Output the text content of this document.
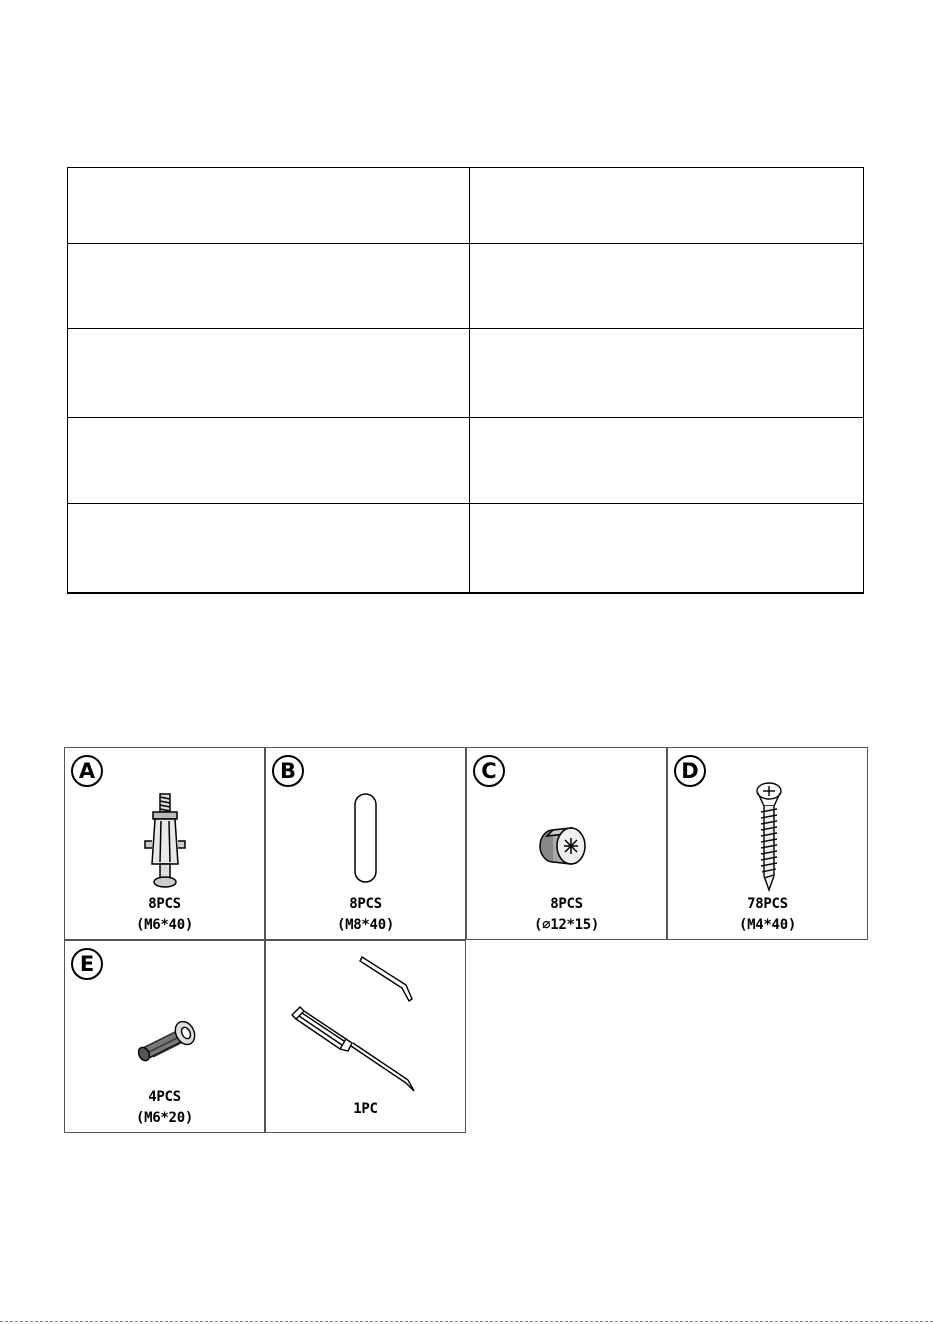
A
8PCS
(M6*40)
B
8PCS
(M8*40)
C
8PCS
(⌀12*15)
D
78PCS
(M4*40)
E
4PCS
(M6*20)
1PC
